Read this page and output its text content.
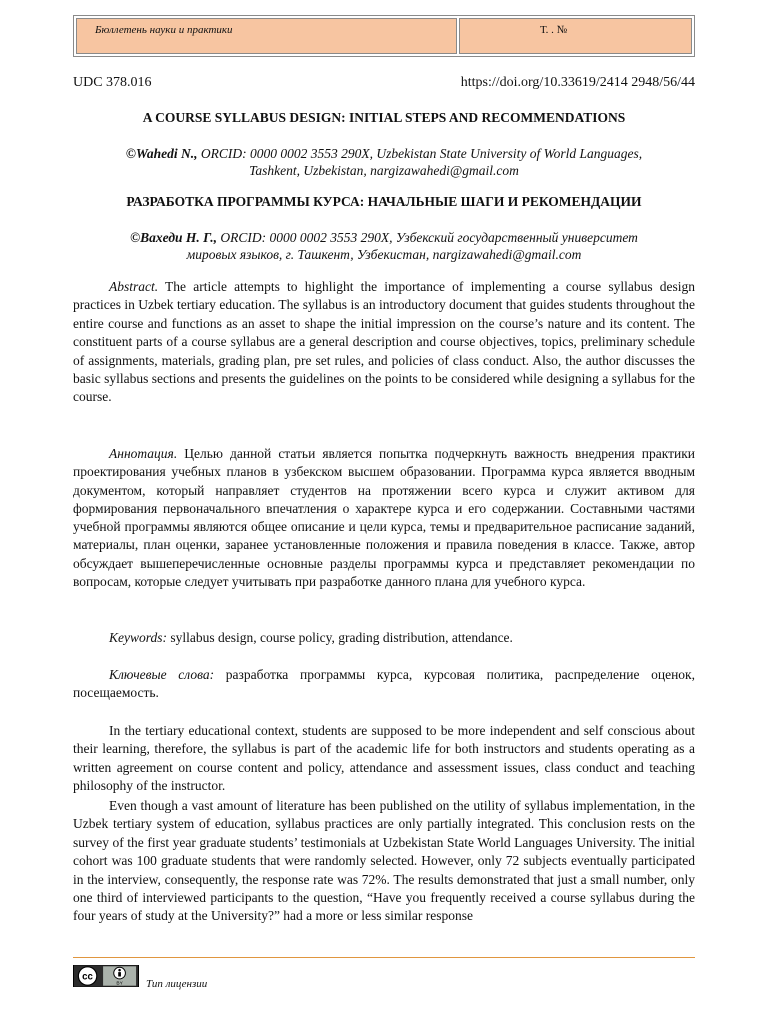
Бюллетень науки и практики	Т. . №
UDC 378.016	https://doi.org/10.33619/2414 2948/56/44
A COURSE SYLLABUS DESIGN: INITIAL STEPS AND RECOMMENDATIONS
©Wahedi N., ORCID: 0000 0002 3553 290X, Uzbekistan State University of World Languages,
Tashkent, Uzbekistan, nargizawahedi@gmail.com
РАЗРАБОТКА ПРОГРАММЫ КУРСА: НАЧАЛЬНЫЕ ШАГИ И РЕКОМЕНДАЦИИ
©Вахеди Н. Г., ORCID: 0000 0002 3553 290X, Узбекский государственный университет
мировых языков, г. Ташкент, Узбекистан, nargizawahedi@gmail.com

Abstract. The article attempts to highlight the importance of implementing a course syllabus design practices in Uzbek tertiary education. The syllabus is an introductory document that guides students throughout the entire course and functions as an asset to shape the initial impression on the course’s nature and its content. The constituent parts of a course syllabus are a general description and course objectives, topics, preliminary schedule of assignments, materials, grading plan, pre set rules, and policies of class conduct. Also, the author discusses the basic syllabus sections and presents the guidelines on the points to be considered while designing a syllabus for the course.

Аннотация. Целью данной статьи является попытка подчеркнуть важность внедрения практики проектирования учебных планов в узбекском высшем образовании. Программа курса является вводным документом, который направляет студентов на протяжении всего курса и служит активом для формирования первоначального впечатления о характере курса и его содержании. Составными частями учебной программы являются общее описание и цели курса, темы и предварительное расписание заданий, материалы, план оценки, заранее установленные положения и правила поведения в классе. Также, автор обсуждает вышеперечисленные основные разделы программы курса и представляет рекомендации по вопросам, которые следует учитывать при разработке данного плана для учебного курса.

Keywords: syllabus design, course policy, grading distribution, attendance.

Ключевые слова: разработка программы курса, курсовая политика, распределение оценок, посещаемость.

In the tertiary educational context, students are supposed to be more independent and self conscious about their learning, therefore, the syllabus is part of the academic life for both instructors and students operating as a written agreement on course content and policy, attendance and assessment issues, class conduct and teaching philosophy of the instructor.

Even though a vast amount of literature has been published on the utility of syllabus implementation, in the Uzbek tertiary system of education, syllabus practices are only partially integrated. This conclusion rests on the survey of the first year graduate students’ testimonials at Uzbekistan State World Languages University. The initial cohort was 100 graduate students that were randomly selected. However, only 72 subjects eventually participated in the interview, consequently, the response rate was 72%. The results demonstrated that just a small number, only one third of interviewed participants to the question, “Have you frequently received a course syllabus during the four years of study at the University?” had a more or less similar response

cc
BY Тип лицензии
